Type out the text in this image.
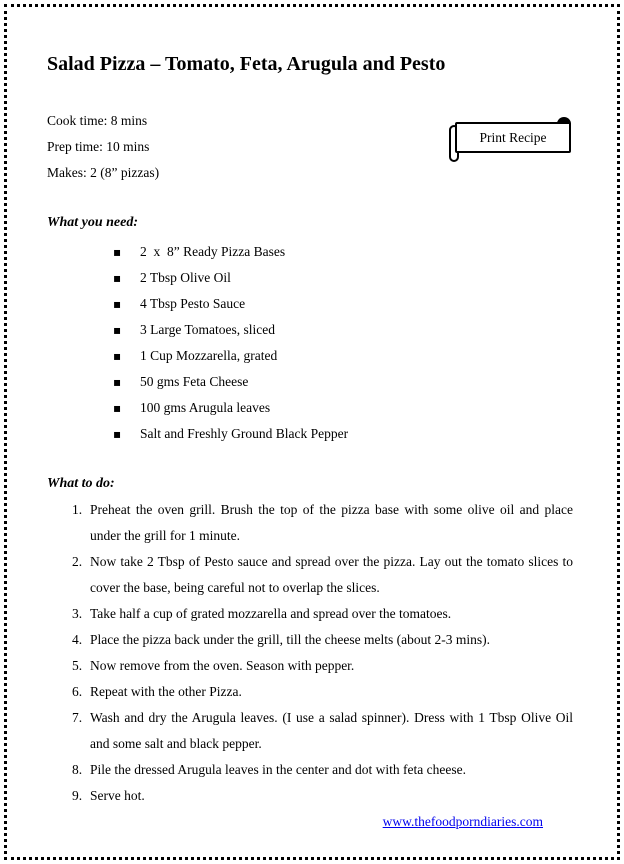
Salad Pizza – Tomato, Feta, Arugula and Pesto
Cook time: 8 mins
Prep time: 10 mins
Makes: 2 (8” pizzas)
What you need:
▪ 2  x  8” Ready Pizza Bases
▪ 2 Tbsp Olive Oil
▪ 4 Tbsp Pesto Sauce
▪ 3 Large Tomatoes, sliced
▪ 1 Cup Mozzarella, grated
▪ 50 gms Feta Cheese
▪ 100 gms Arugula leaves
▪ Salt and Freshly Ground Black Pepper
What to do:
1. Preheat the oven grill. Brush the top of the pizza base with some olive oil and place under the grill for 1 minute.
2. Now take 2 Tbsp of Pesto sauce and spread over the pizza. Lay out the tomato slices to cover the base, being careful not to overlap the slices.
3. Take half a cup of grated mozzarella and spread over the tomatoes.
4. Place the pizza back under the grill, till the cheese melts (about 2-3 mins).
5. Now remove from the oven. Season with pepper.
6. Repeat with the other Pizza.
7. Wash and dry the Arugula leaves. (I use a salad spinner). Dress with 1 Tbsp Olive Oil and some salt and black pepper.
8. Pile the dressed Arugula leaves in the center and dot with feta cheese.
9. Serve hot.
www.thefoodporndiaries.com
Print Recipe
